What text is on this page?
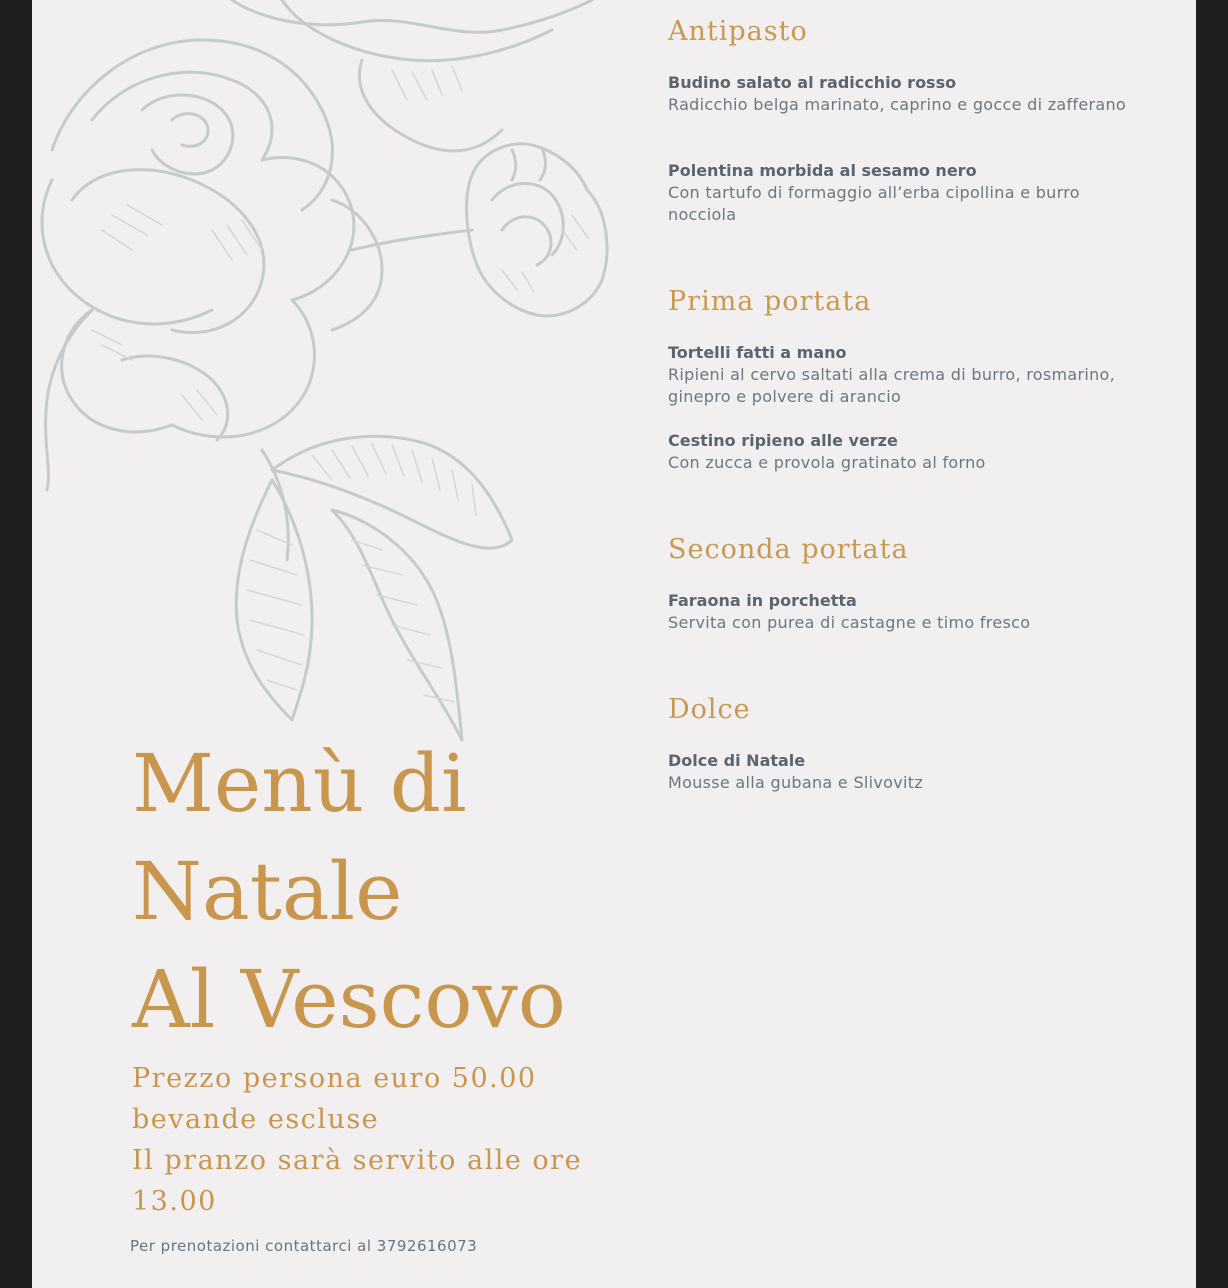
Antipasto
Budino salato al radicchio rosso
Radicchio belga marinato, caprino e gocce di zafferano
Polentina morbida al sesamo nero
Con tartufo di formaggio all’erba cipollina e burro nocciola
Prima portata
Tortelli fatti a mano
Ripieni al cervo saltati alla crema di burro, rosmarino, ginepro e polvere di arancio
Cestino ripieno alle verze
Con zucca e provola gratinato al forno
Seconda portata
Faraona in porchetta
Servita con purea di castagne e timo fresco
Dolce
Dolce di Natale
Mousse alla gubana e Slivovitz
Menù di
Natale
Al Vescovo
Prezzo persona euro 50.00
bevande escluse
Il pranzo sarà servito alle ore
13.00
Per prenotazioni contattarci al 3792616073
